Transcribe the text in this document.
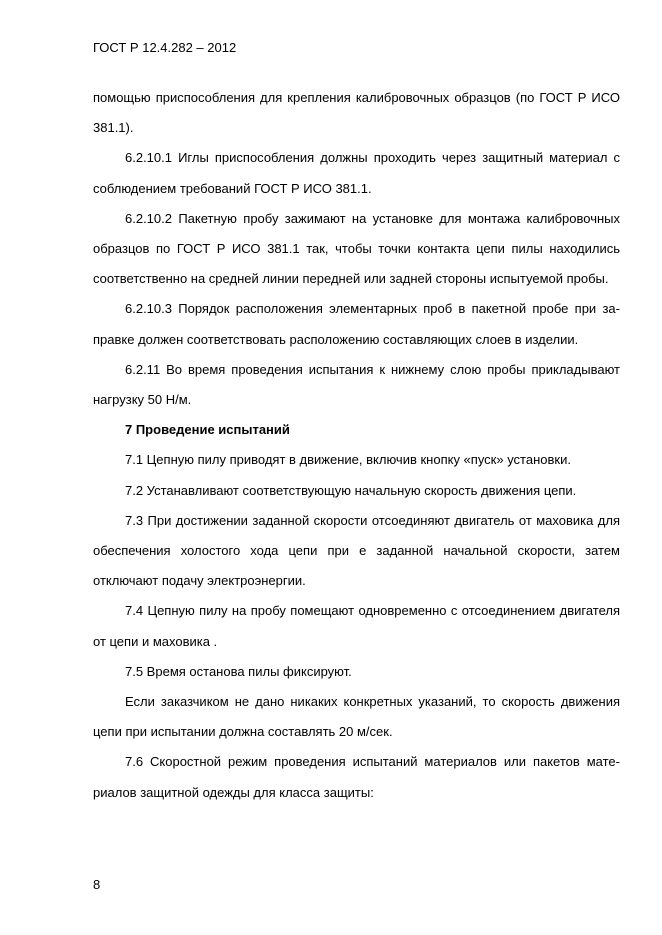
ГОСТ Р 12.4.282 – 2012

помощью приспособления для крепления калибровочных образцов (по ГОСТ Р ИСО 381.1).

6.2.10.1 Иглы приспособления должны проходить через защитный материал с соблюдением требований ГОСТ Р ИСО 381.1.

6.2.10.2 Пакетную пробу зажимают на установке для монтажа калибровочных образцов по ГОСТ Р ИСО 381.1 так, чтобы точки контакта цепи пилы находились соответственно на средней линии передней или задней стороны испытуемой пробы.

6.2.10.3 Порядок расположения элементарных проб в пакетной пробе при заправке должен соответствовать расположению составляющих слоев в изделии.

6.2.11 Во время проведения испытания к нижнему слою пробы прикладывают нагрузку 50 Н/м.

7 Проведение испытаний

7.1 Цепную пилу приводят в движение, включив кнопку «пуск» установки.

7.2 Устанавливают соответствующую начальную скорость движения цепи.

7.3 При достижении заданной скорости отсоединяют двигатель от маховика для обеспечения холостого хода цепи при е заданной начальной скорости, затем отключают подачу электроэнергии.

7.4 Цепную пилу на пробу помещают одновременно с отсоединением двигателя от цепи и маховика .

7.5 Время останова пилы фиксируют.

Если заказчиком не дано никаких конкретных указаний, то скорость движения цепи при испытании должна составлять 20 м/сек.

7.6 Скоростной режим проведения испытаний материалов или пакетов материалов защитной одежды для класса защиты:

8
